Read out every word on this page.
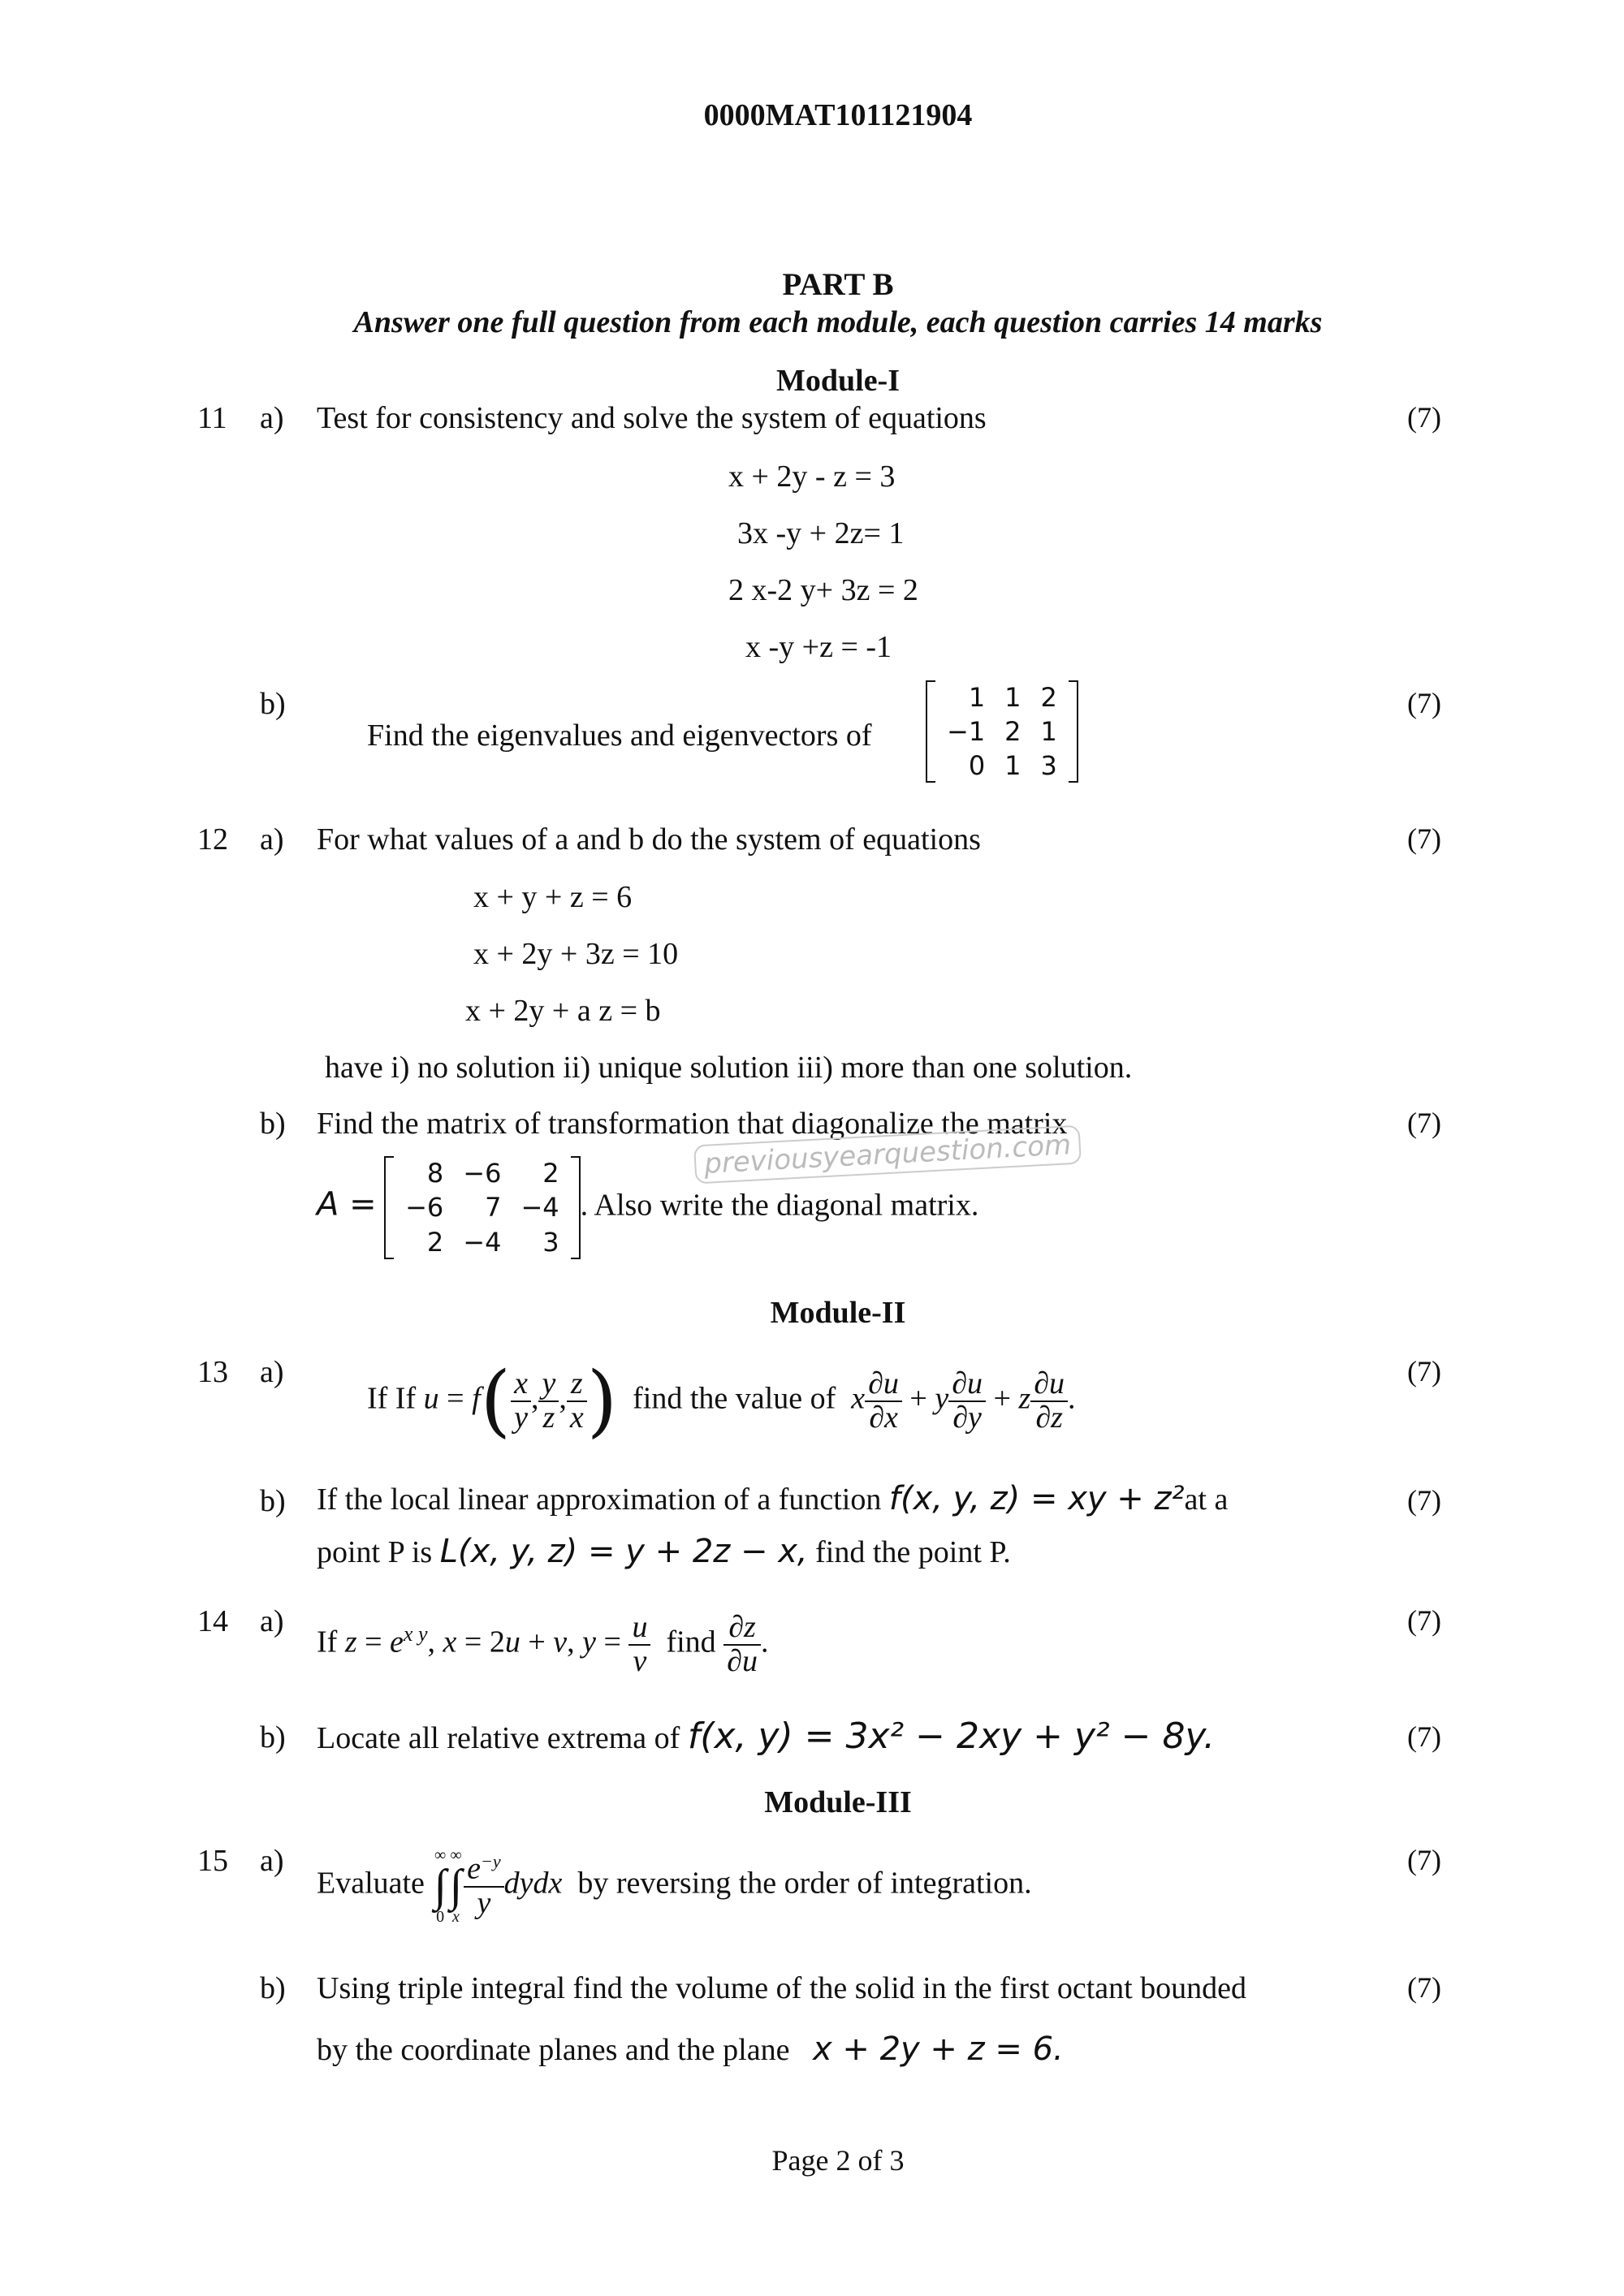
0000MAT101121904
PART B
Answer one full question from each module, each question carries 14 marks
Module-I
11 a) Test for consistency and solve the system of equations	(7)
x + 2y - z = 3
3x -y + 2z= 1
2 x-2 y+ 3z = 2
x -y +z = -1
b)	(7)
Find the eigenvalues and eigenvectors of
1	1	2
−1	2	1
0	1	3
12 a) For what values of a and b do the system of equations	(7)
x + y + z = 6
x + 2y + 3z = 10
x + 2y + a z = b
have i) no solution ii) unique solution iii) more than one solution.
b) Find the matrix of transformation that diagonalize the matrix	(7)
A =
8	−6	2
−6	7	−4
2	−4	3
. Also write the diagonal matrix.
previousyearquestion.com
Module-II
13 a)	(7)
If If $u = f( \frac{x}{y}$ , $\frac{y}{z}$ , $\frac{z}{x}$ ) find the value of x $\frac{\partial u}{\partial x} + y \frac{\partial u}{\partial y} + z \frac{\partial u}{\partial z}$ .
b)	(7)
If the local linear approximation of a function f(x, y, z) = xy + z²at a
point P is L(x, y, z) = y + 2z − x, find the point P.
14 a)	(7)
If $z = e^{x y}$, x = 2u + v, $y = \frac{u}{v}$ find $\frac{\partial z}{\partial u}$ .
b)	(7)
Locate all relative extrema of f(x, y) = 3x² − 2xy + y² − 8y.
Module-III
15 a)	(7)
Evaluate ∞
∫
0∞
∫
x $\frac{e^{-y}}{y}$ dydx by reversing the order of integration.
b)	(7)
Using triple integral find the volume of the solid in the first octant bounded
by the coordinate planes and the plane x + 2y + z = 6.
Page 2 of 3
